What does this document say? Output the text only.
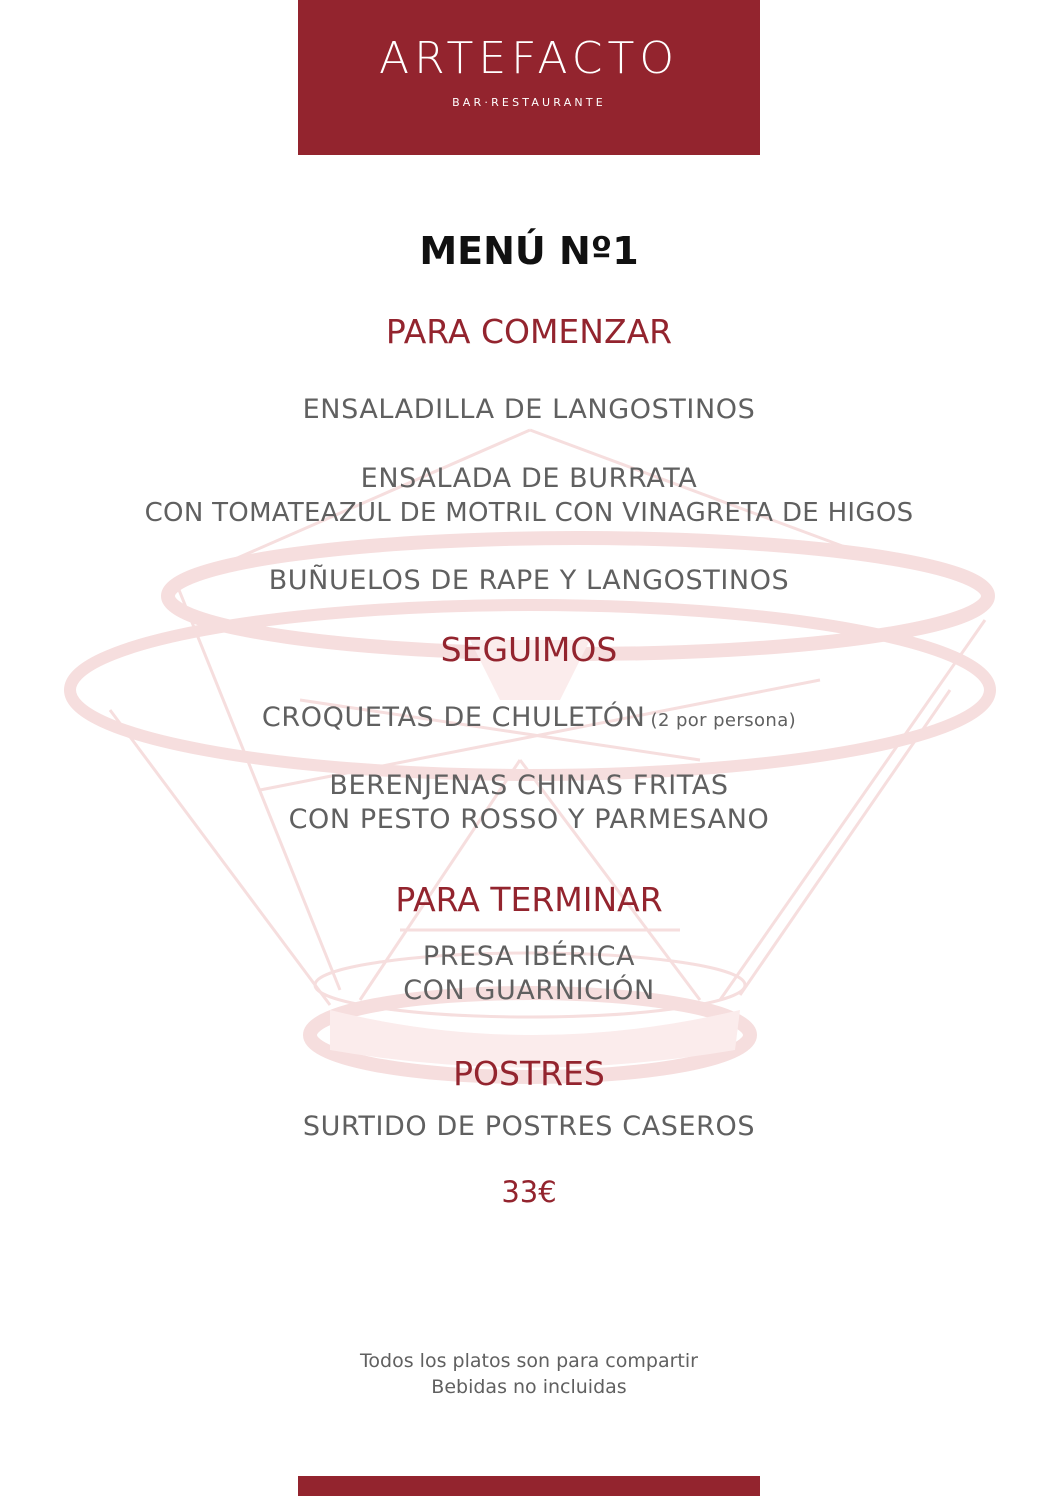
ARTEFACTO
BAR·RESTAURANTE
MENÚ Nº1
PARA COMENZAR
ENSALADILLA DE LANGOSTINOS
ENSALADA DE BURRATA
CON TOMATEAZUL DE MOTRIL CON VINAGRETA DE HIGOS
BUÑUELOS DE RAPE Y LANGOSTINOS
SEGUIMOS
CROQUETAS DE CHULETÓN (2 por persona)
BERENJENAS CHINAS FRITAS
CON PESTO ROSSO Y PARMESANO
PARA TERMINAR
PRESA IBÉRICA
CON GUARNICIÓN
POSTRES
SURTIDO DE POSTRES CASEROS
33€
Todos los platos son para compartir
Bebidas no incluidas
